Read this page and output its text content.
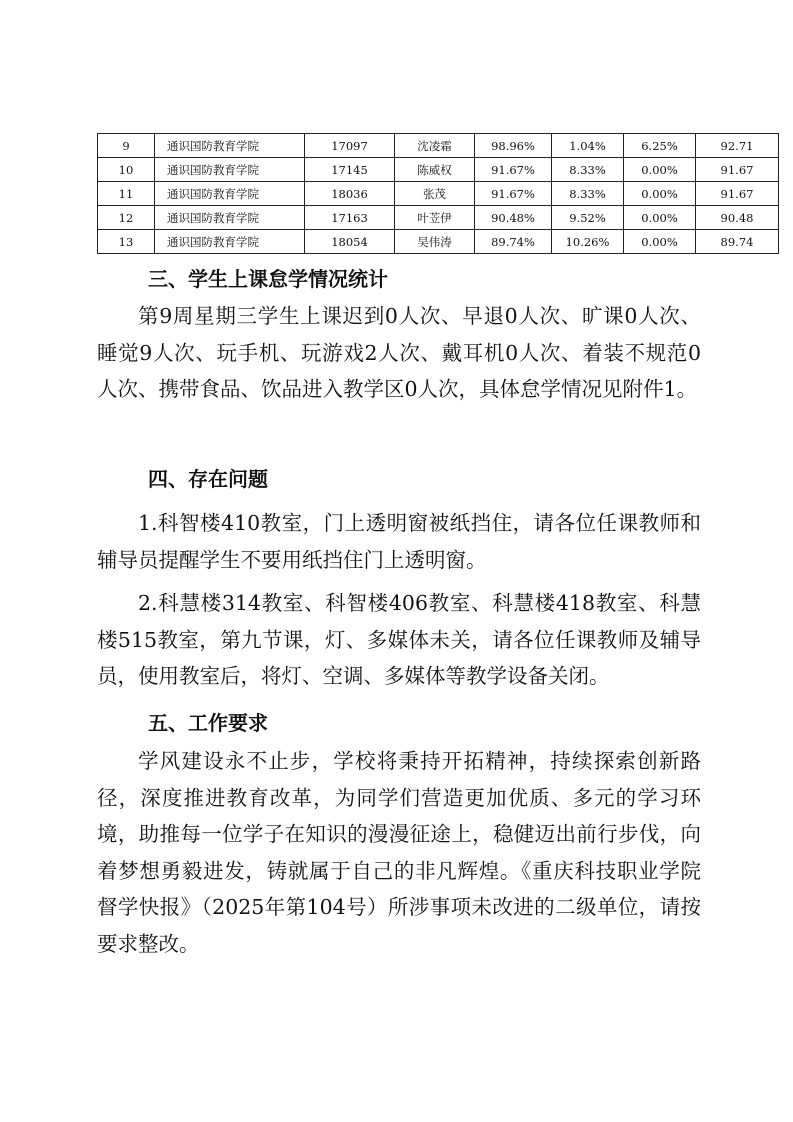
9	通识国防教育学院	17097	沈凌霜	98.96%	1.04%	6.25%	92.71
10	通识国防教育学院	17145	陈威权	91.67%	8.33%	0.00%	91.67
11	通识国防教育学院	18036	张茂	91.67%	8.33%	0.00%	91.67
12	通识国防教育学院	17163	叶苙伊	90.48%	9.52%	0.00%	90.48
13	通识国防教育学院	18054	吴伟涛	89.74%	10.26%	0.00%	89.74
三、学生上课怠学情况统计

第9周星期三学生上课迟到0人次、早退0人次、旷课0人次、睡觉9人次、玩手机、玩游戏2人次、戴耳机0人次、着装不规范0人次、携带食品、饮品进入教学区0人次，具体怠学情况见附件1。

四、存在问题

1.科智楼410教室，门上透明窗被纸挡住，请各位任课教师和辅导员提醒学生不要用纸挡住门上透明窗。

2.科慧楼314教室、科智楼406教室、科慧楼418教室、科慧楼515教室，第九节课，灯、多媒体未关，请各位任课教师及辅导员，使用教室后，将灯、空调、多媒体等教学设备关闭。

五、工作要求

学风建设永不止步，学校将秉持开拓精神，持续探索创新路径，深度推进教育改革，为同学们营造更加优质、多元的学习环境，助推每一位学子在知识的漫漫征途上，稳健迈出前行步伐，向着梦想勇毅进发，铸就属于自己的非凡辉煌。《重庆科技职业学院督学快报》（2025年第104号）所涉事项未改进的二级单位，请按要求整改。
